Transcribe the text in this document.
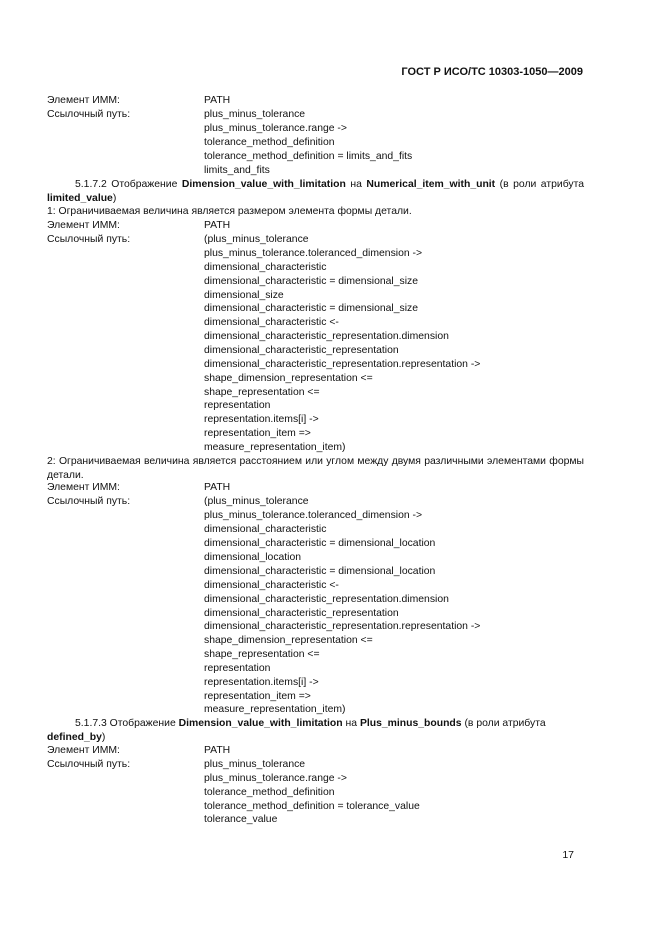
ГОСТ Р ИСО/ТС 10303-1050—2009
Элемент ИММ:	PATH
Ссылочный путь:	plus_minus_tolerance
plus_minus_tolerance.range ->
tolerance_method_definition
tolerance_method_definition = limits_and_fits
limits_and_fits
5.1.7.2 Отображение Dimension_value_with_limitation на Numerical_item_with_unit (в роли атрибута limited_value)
1: Ограничиваемая величина является размером элемента формы детали.
Элемент ИММ:	PATH
Ссылочный путь:	(plus_minus_tolerance
plus_minus_tolerance.toleranced_dimension ->
dimensional_characteristic
dimensional_characteristic = dimensional_size
dimensional_size
dimensional_characteristic = dimensional_size
dimensional_characteristic <-
dimensional_characteristic_representation.dimension
dimensional_characteristic_representation
dimensional_characteristic_representation.representation ->
shape_dimension_representation <=
shape_representation <=
representation
representation.items[i] ->
representation_item =>
measure_representation_item)
2: Ограничиваемая величина является расстоянием или углом между двумя различными элементами формы детали.
Элемент ИММ:	PATH
Ссылочный путь:	(plus_minus_tolerance
plus_minus_tolerance.toleranced_dimension ->
dimensional_characteristic
dimensional_characteristic = dimensional_location
dimensional_location
dimensional_characteristic = dimensional_location
dimensional_characteristic <-
dimensional_characteristic_representation.dimension
dimensional_characteristic_representation
dimensional_characteristic_representation.representation ->
shape_dimension_representation <=
shape_representation <=
representation
representation.items[i] ->
representation_item =>
measure_representation_item)
5.1.7.3 Отображение Dimension_value_with_limitation на Plus_minus_bounds (в роли атрибута defined_by)
Элемент ИММ:	PATH
Ссылочный путь:	plus_minus_tolerance
plus_minus_tolerance.range ->
tolerance_method_definition
tolerance_method_definition = tolerance_value
tolerance_value
17
